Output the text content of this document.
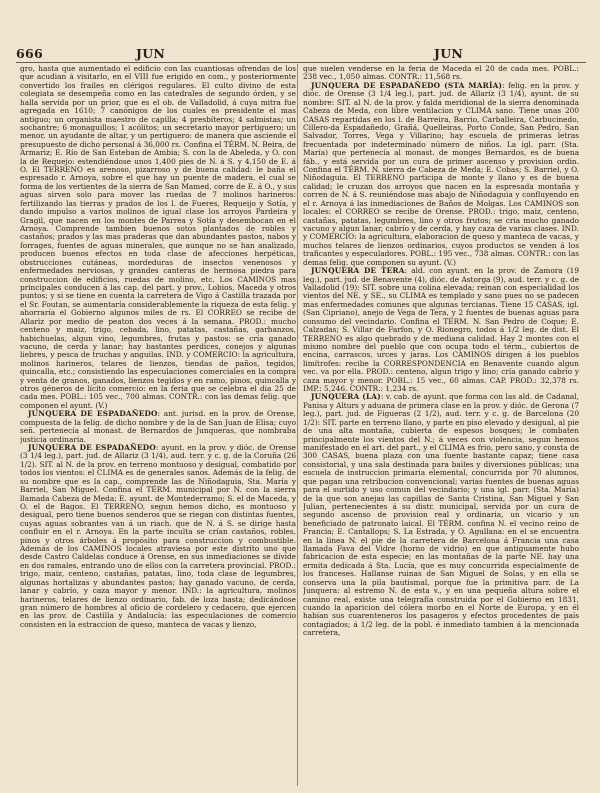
666	JUN	JUN

gro, hasta que aumentado el edificio con las cuantiosas ofrendas de los que acudian á visitarlo, en el VIII fue erigido en com., y posteriormente convertido los frailes en clérigos regulares. El culto divino de esta colegiata se desempeña como en las catedrales de segundo órden, y se halla servida por un prior, que es el ob. de Valladolid, á cuya mitra fue agregada en 1610; 7 canónigos de los cuales es presidente el mas antiguo; un organista maestro de capilla; 4 presbíteros; 4 salmistas; un sochantre; 6 monaguillos; 1 acólitos; un secretario mayor pertiguero; un menor, un ayudante de altar, y un pertiguero: de manera que asciende el presupuesto de dicho personal á 36,000 rs. Confina el TÉRM. N. Beira, de Armariz; E. Río de San Esteban de Ambia; S. con la de Abeleda, y O. con la de Requejo: estendiéndose unos 1,400 pies de N. á S. y 4,150 de E. á O. El TERRENO es arenoso, pizarroso y de buena calidad: le baña el espresado r. Arnoya, sobre el que hay un puente de madera, el cual se forma de los vertientes de la sierra de San Mamed, corre de E. á O., y sus aguas sirven solo para mover las ruedas de 7 molinos harineros: fertilizando las tierras y prados de los l. de Fueres, Requeijo y Sotía, y dando impulso a varios molinos de igual clase los arroyos Pardeira y Gragil, que nacen en los montes de Parrea y Sotía y desembocan en el Arnoya. Comprende tambien buenos sotos plantados de robles y castaños; prados y las mas praderas que dan abundantes pastos, nabos y forrages, fuentes de aguas minerales, que aunque no se han analizado, producen buenos efectos en toda clase de afecciones herpéticas, obstrucciones cutáneas, mordeduras de insectos venenosos y enfermedades nerviosas, y grandes canteras de hermosa piedra para construccion de edificios, ruedas de molino, etc. Los CAMINOS mas principales conducen á las cap. del part. y prov., Lobios, Maceda y otros puntos; y si se tiene en cuenta la carretera de Vigo á Castilla trazada por el Sr. Foutan, se aumentaría considerablemente la riqueza de esta felig. y ahorraría el Gobierno algunos miles de rs. El CORREO se recibe de Allariz por medio de peaton dos veces á la semana. PROD.: mucho centeno y maiz, trigo, cebada, lino, patatas, castañas, garbanzos, habichuelas, algun vino, legumbres, frutas y pastos: se cría ganado vacuno, de cerda y lanar; hay bastantes perdices, conejos y algunas liebres, y pesca de truchas y anguilas. IND. y COMERCIO: la agricultura, molinos harineros, telares de lienzos, tiendas de paños, tegidos, quincalla, etc.; consistiendo las especulaciones comerciales en la compra y venta de granos, ganados, lienzos tegidos y en ramo, pinos, quincalla y otros géneros de lícito comercio: en la feria que se celebra el dia 25 de cada mes. POBL.: 105 vec., 700 almas. CONTR.: con las demas felig. que componen el ayunt. (V.)

JUNQUERA DE ESPADAÑEDO: ant. jurisd. en la prov. de Orense, compuesta de la felig. de dicho nombre y de la de San Juan de Elisa; cuyo señ. pertenecía al monast. de Bernardos de Junqueras, que nombraba justicia ordinaria.

JUNQUERA DE ESPADAÑEDO: ayunt. en la prov. y dióc. de Orense (3 1/4 leg.), part. jud. de Allariz (3 1/4), aud. terr. y c. g. de la Coruña (26 1/2). SIT. al N. de la prov. en terreno montuoso y desigual, combatido por todos los vientos: el CLIMA es de generales sanos. Además de la felig. de su nombre que es la cap., comprende las de Niñodaguia, Sta. María y Barriel, San Miguel. Confina el TÉRM. municipal por N. con la sierra llamada Cabeza de Meda; E. ayunt. de Montederramo; S. el de Maceda, y O. el de Bagos. El TERRENO, segun hemos dicho, es montuoso y desigual, pero tiene buenos senderos que se riegan con distintas fuentes, cuyas aguas sobrantes van á un riach. que de N. á S. se dirige hasta confluir en el r. Arnoya. En la parte inculta se crían castaños, robles, pinos y otros árboles á propósito para construccion y combustible. Además de los CAMINOS locales atraviesa por este distrito uno que desde Castro Caldelas conduce á Orense, en sus inmediaciones se divide en dos ramales, entrando uno de ellos con la carretera provincial. PROD.: trigo, maiz, centeno, castañas, patatas, lino, toda clase de legumbres, algunas hortalizas y abundantes pastos; hay ganado vacuno, de cerda, lanar y cabrío, y caza mayor y menor. IND.: la agricultura, molinos harineros, telares de lienzo ordinario, fab. de loza basta; dedicándose gran número de hombres al oficio de cordelero y cedacero, que ejercen en las prov. de Castilla y Andalucía: las especulaciones de comercio consisten en la estraccion de queso, manteca de vacas y lienzo,

que suelen venderse en la feria de Maceda el 20 de cada mes. POBL.: 238 vec., 1,050 almas. CONTR.: 11,568 rs.

JUNQUERA DE ESPADAÑEDO (STA MARÍA): felig. en la prov. y dióc. de Orense (3 1/4 leg.), part. jud. de Allariz (3 1/4), ayunt. de su nombre: SIT. al N. de la prov. y falda meridional de la sierra denominada Cabeza de Meda, con libre ventilacion y CLIMA sano. Tiene unas 200 CASAS repartidas en los l. de Barreira, Barrio, Carballeira, Carbucinedo, Cillero-da Espadañedo, Grañá, Quelleiras, Porto Conde, San Pedro, San Salvador, Torres, Vega y Villarino; hay escuela de primeras letras frecuentada por indeterminado número de niños. La igl. parr. (Sta. María) que pertenecía al monast. de monges Bernardos, es de buena fáb., y está servida por un cura de primer ascenso y provision ordin. Confina el TÉRM. N. sierra de Cabeza de Meda; E. Cobas; S. Barriel, y O. Niñodaguia. El TERRENO participa de monte y llano y es de buena calidad; le cruzan dos arroyos que nacen en la espresada montaña y corren de N. á S. reuniéndose mas abajo de Niñodaguia y confluyendo en el r. Arnoya á las inmediaciones de Baños de Molgas. Los CAMINOS son locales: el CORREO se recibe de Orense. PROD.: trigo, maiz, centeno, castañas, patatas, legumbres, lino y otros frutos; se cría mucho ganado vacuno y algun lanar, cabrío y de cerda, y hay caza de varias clases. IND. y COMERCIO: la agricultura, elaboracion de queso y manteca de vacas, y muchos telares de lienzos ordinarios, cuyos productos se venden á los traficantes y especuladores. POBL.: 195 vec., 738 almas. CONTR.: con las demas felig. que componen su ayunt. (V.)

JUNQUERA DE TERA: ald. con ayunt. en la prov. de Zamora (19 leg.), part. jud. de Benavente (4), dióc. de Astorga (9), aud. terr. y c. g. de Valladolid (19): SIT. sobre una colina elevada; reinan con especialidad los vientos del NE. y SE., su CLIMA es templado y sano pues no se padecen mas enfermedades comunes que algunas tercianas. Tiene 15 CASAS, igl. (San Cipriano), anejo de Vega de Tera, y 2 fuentes de buenas aguas para consumo del vecindario. Confina el TÉRM. N. San Pedro de Coque; E. Calzadas; S. Villar de Farfon, y O. Rionegro, todos á 1/2 leg. de dist. El TERRENO es algo quebrado y de mediana calidad. Hay 2 montes con el mismo nombre del pueblo que con ocupa todo el térm., cubiertos de encina, carrascos, urces y jaras. Los CAMINOS dirigen á los pueblos limítrofes: recibe la CORRESPONDENCIA en Benavente cuando algun vec. va por ella. PROD.: centeno, algun trigo y lino; cría ganado cabrío y caza mayor y menor. POBL.: 15 vec., 60 almas. CAP. PROD.: 32,378 rs. IMP.: 5,246. CONTR.: 1,234 rs.

JUNQUERA (LA): v. cab. de ayunt. que forma con las ald. de Cadanal, Panisa y Alturs y aduana de primera clase en la prov. y dióc. de Gerona (7 leg.), part. jud. de Figueras (2 1/2), aud. terr. y c. g. de Barcelona (20 1/2): SIT. parte en terreno llano, y parte en piso elevado y desigual, al pie de una alta montaña, cubierta de espesos bosques; le combaten principalmente los vientos del N.; á veces con violencia, segun hemos manifestado en el art. del part., y el CLIMA es frio, pero sano, y consta de 300 CASAS, buena plaza con una fuente bastante capaz; tiene casa consistorial, y una sala destinada para bailes y diversiones públicas; una escuela de instruccion primaria elemental, concurrida por 70 alumnos, que pagan una retribucion convencional; varias fuentes de buenas aguas para el surtido y uso comun del vecindario; y una igl. parr. (Sta. María) de la que son anejas las capillas de Santa Cristina, San Miguel y San Julian, pertenecientes á su distr. municipal, servida por un cura de segundo ascenso de provision real y ordinaria, un vicario y un beneficiado de patronato laical. El TÉRM. confina N. el vecino reino de Francia; E. Cantallops; S. La Estrada, y O. Agullana: en el se encuentra en la linea N. el pie de la carretera de Barcelona á Francia una casa llamada Fava del Vidre (horno de vidrio) en que antiguamente hubo fabricacion de esta especie; en las montañas de la parte NE. hay una ermita dedicada á Sta. Lucía, que es muy concurrida especialmente de los franceses. Hallanse ruinas de San Miguel de Solas, y en ella se conserva una la pila bautismal, porque fue la primitiva parr. de La Junquera: al estremo N. de esta v., y en una pequeña altura sobre el camino real, existe una telegrafía construida por el Gobierno en 1831, cuando la aparicion del cólera morbo en el Norte de Europa, y en él habían sus cuarenteneros los pasageros y efectos procedentes de país contagiados; á 1/2 leg. de la pobl. é inmediato tambien á la mencionada carretera,
